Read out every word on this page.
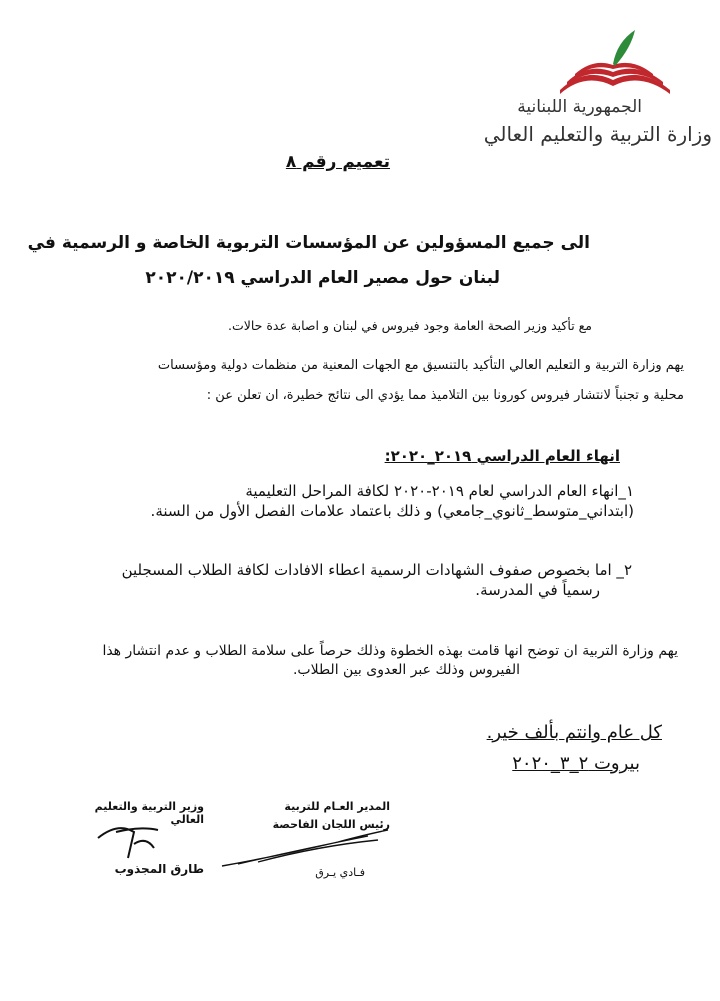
الجمهورية اللبنانية
وزارة التربية والتعليم العالي
تعميم رقم ٨
الى جميع المسؤولين عن المؤسسات التربوية الخاصة و الرسمية في
لبنان حول مصير العام الدراسي ٢٠٢٠/٢٠١٩
مع تأكيد وزير الصحة العامة وجود فيروس في لبنان و اصابة عدة حالات.
يهم وزارة التربية و التعليم العالي التأكيد بالتنسيق مع الجهات المعنية من منظمات دولية ومؤسسات
محلية و تجنباً لانتشار فيروس كورونا بين التلاميذ مما يؤدي الى نتائج خطيرة، ان تعلن عن :
انهاء العام الدراسي ٢٠١٩_٢٠٢٠:
١_انهاء العام الدراسي لعام ٢٠١٩-٢٠٢٠ لكافة المراحل التعليمية
(ابتداني_متوسط_ثانوي_جامعي) و ذلك باعتماد علامات الفصل الأول من السنة.
٢_ اما بخصوص صفوف الشهادات الرسمية اعطاء الافادات لكافة الطلاب المسجلين
رسمياً في المدرسة.
يهم وزارة التربية ان توضح انها قامت بهذه الخطوة وذلك حرصاً على سلامة الطلاب و عدم انتشار هذا
الفيروس وذلك عبر العدوى بين الطلاب.
كل عام وانتم بألف خير.
بيروت ٢_٣_٢٠٢٠
وزير التربية والتعليم العالي
طارق المجذوب
المدير العـام للتربية
رئيس اللجان الفاحصة
فـادي يـرق
